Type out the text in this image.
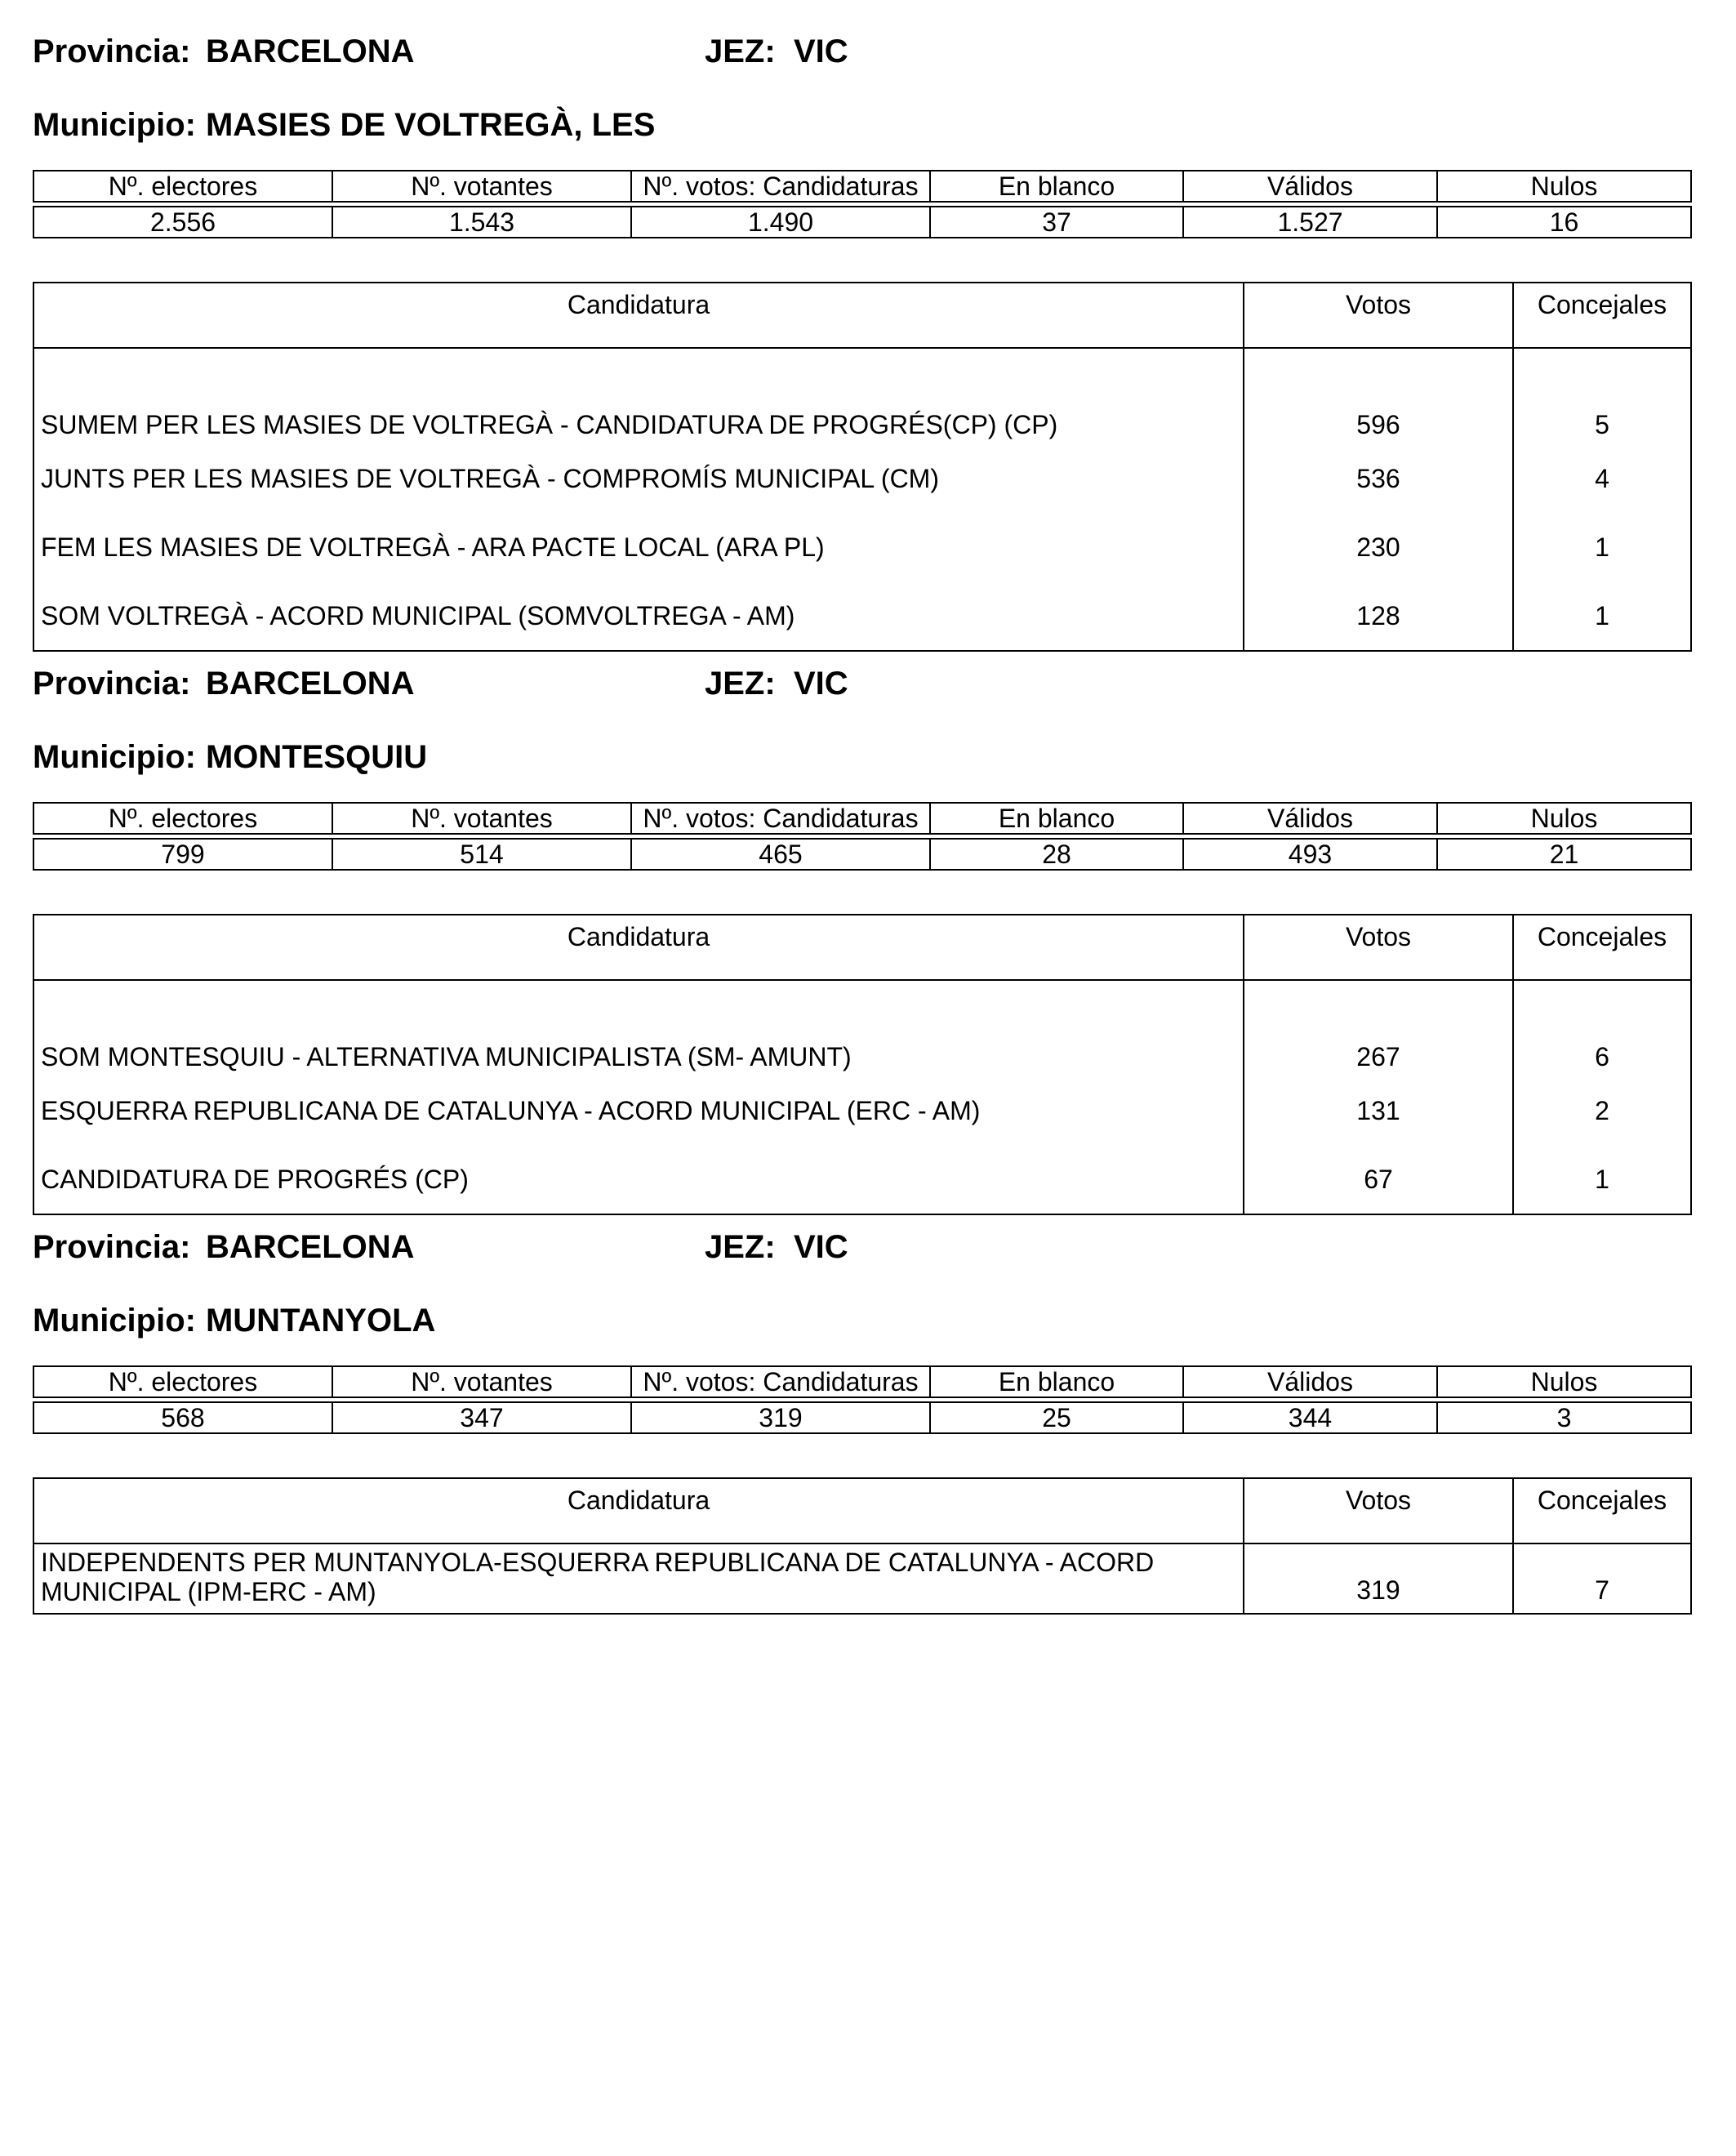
Provincia: BARCELONA	JEZ: VIC
Municipio: MASIES DE VOLTREGÀ, LES
Nº. electores	Nº. votantes	Nº. votos: Candidaturas	En blanco	Válidos	Nulos

2.556	1.543	1.490	37	1.527	16
Candidatura	Votos	Concejales
SUMEM PER LES MASIES DE VOLTREGÀ - CANDIDATURA DE PROGRÉS(CP) (CP)	596	5
JUNTS PER LES MASIES DE VOLTREGÀ - COMPROMÍS MUNICIPAL (CM)	536	4
FEM LES MASIES DE VOLTREGÀ - ARA PACTE LOCAL (ARA PL)	230	1
SOM VOLTREGÀ - ACORD MUNICIPAL (SOMVOLTREGA - AM)	128	1
Provincia: BARCELONA	JEZ: VIC
Municipio: MONTESQUIU
Nº. electores	Nº. votantes	Nº. votos: Candidaturas	En blanco	Válidos	Nulos

799	514	465	28	493	21
Candidatura	Votos	Concejales
SOM MONTESQUIU - ALTERNATIVA MUNICIPALISTA (SM- AMUNT)	267	6
ESQUERRA REPUBLICANA DE CATALUNYA - ACORD MUNICIPAL (ERC - AM)	131	2
CANDIDATURA DE PROGRÉS (CP)	67	1
Provincia: BARCELONA	JEZ: VIC
Municipio: MUNTANYOLA
Nº. electores	Nº. votantes	Nº. votos: Candidaturas	En blanco	Válidos	Nulos

568	347	319	25	344	3
Candidatura	Votos	Concejales
INDEPENDENTS PER MUNTANYOLA-ESQUERRA REPUBLICANA DE CATALUNYA - ACORD MUNICIPAL (IPM-ERC - AM)	319	7
